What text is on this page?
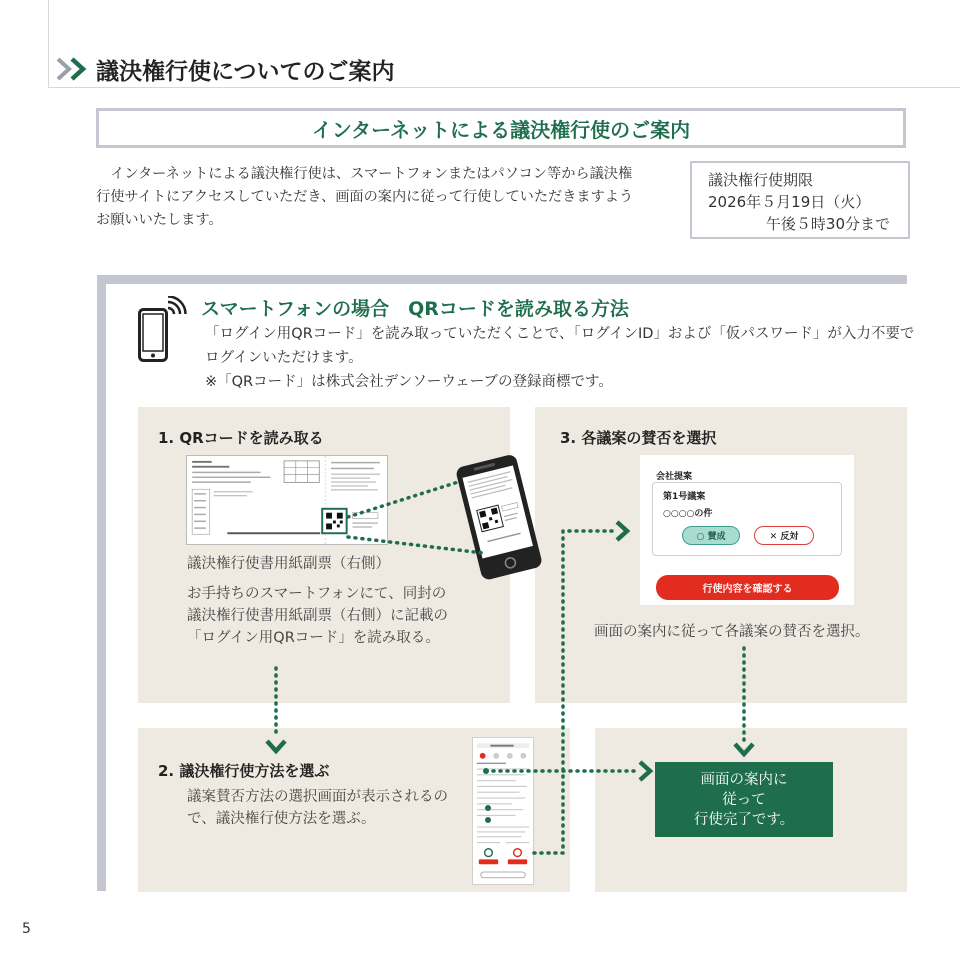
議決権行使についてのご案内
インターネットによる議決権行使のご案内
　インターネットによる議決権行使は、スマートフォンまたはパソコン等から議決権行使サイトにアクセスしていただき、画面の案内に従って行使していただきますようお願いいたします。
議決権行使期限
2026年５月19日（火）
午後５時30分まで
スマートフォンの場合　QRコードを読み取る方法
「ログイン用QRコード」を読み取っていただくことで、「ログインID」および「仮パスワード」が入力不要でログインいただけます。
※「QRコード」は株式会社デンソーウェーブの登録商標です。
1. QRコードを読み取る
2. 議決権行使方法を選ぶ
3. 各議案の賛否を選択
議決権行使書用紙副票（右側）
お手持ちのスマートフォンにて、同封の議決権行使書用紙副票（右側）に記載の「ログイン用QRコード」を読み取る。
議案賛否方法の選択画面が表示されるので、議決権行使方法を選ぶ。
会社提案
第1号議案
○○○○の件
○ 賛成	✕ 反対
行使内容を確認する
画面の案内に従って各議案の賛否を選択。
画面の案内に
従って
行使完了です。
5
